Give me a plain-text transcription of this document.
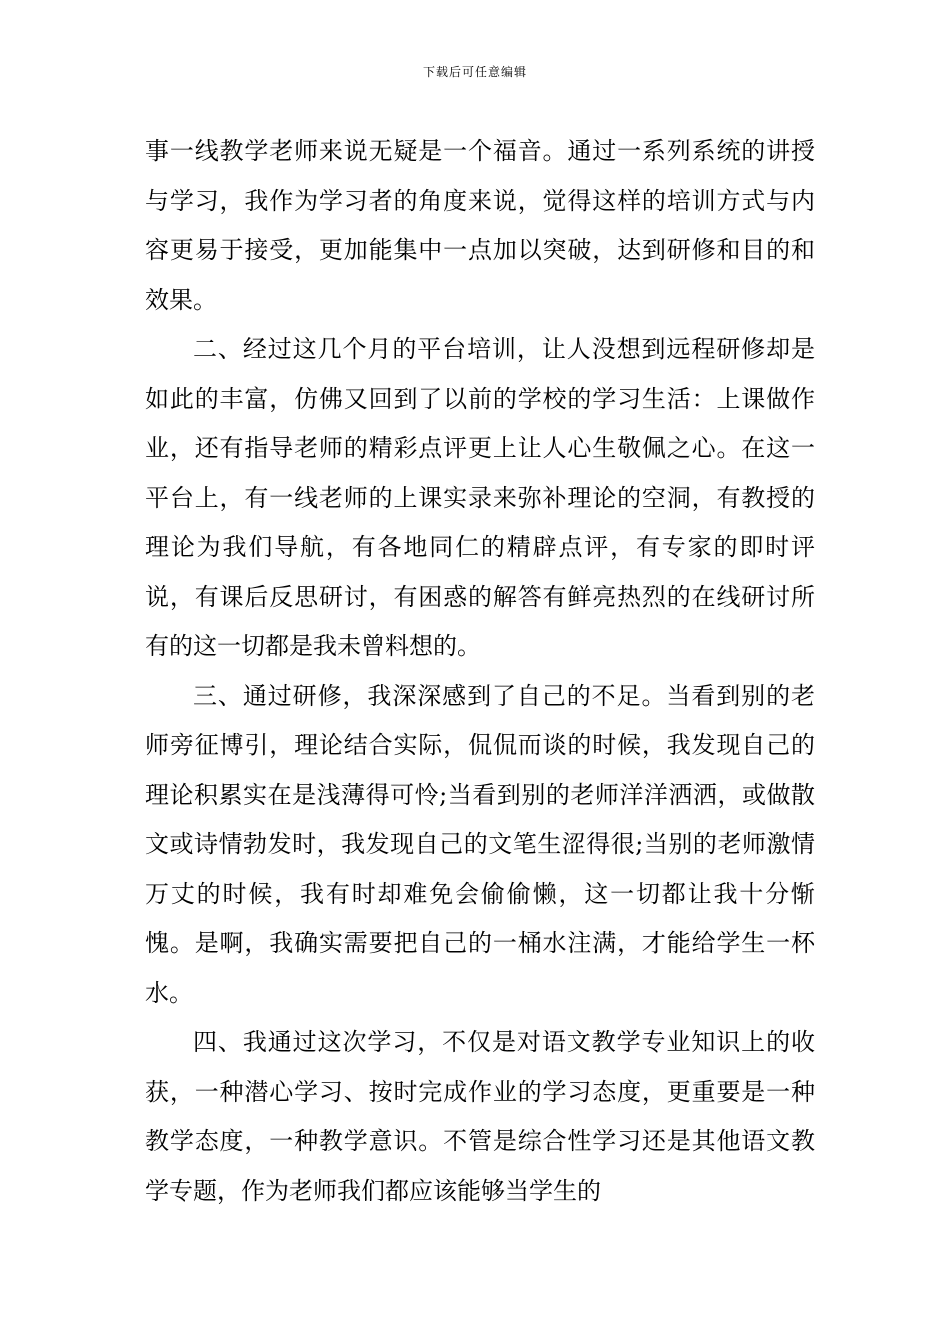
下载后可任意编辑

事一线教学老师来说无疑是一个福音。通过一系列系统的讲授与学习，我作为学习者的角度来说，觉得这样的培训方式与内容更易于接受，更加能集中一点加以突破，达到研修和目的和效果。

二、经过这几个月的平台培训，让人没想到远程研修却是如此的丰富，仿佛又回到了以前的学校的学习生活：上课做作业，还有指导老师的精彩点评更上让人心生敬佩之心。在这一平台上，有一线老师的上课实录来弥补理论的空洞，有教授的理论为我们导航，有各地同仁的精辟点评，有专家的即时评说，有课后反思研讨，有困惑的解答有鲜亮热烈的在线研讨所有的这一切都是我未曾料想的。

三、通过研修，我深深感到了自己的不足。当看到别的老师旁征博引，理论结合实际，侃侃而谈的时候，我发现自己的理论积累实在是浅薄得可怜;当看到别的老师洋洋洒洒，或做散文或诗情勃发时，我发现自己的文笔生涩得很;当别的老师激情万丈的时候，我有时却难免会偷偷懒，这一切都让我十分惭愧。是啊，我确实需要把自己的一桶水注满，才能给学生一杯水。

四、我通过这次学习，不仅是对语文教学专业知识上的收获，一种潜心学习、按时完成作业的学习态度，更重要是一种教学态度，一种教学意识。不管是综合性学习还是其他语文教学专题，作为老师我们都应该能够当学生的
